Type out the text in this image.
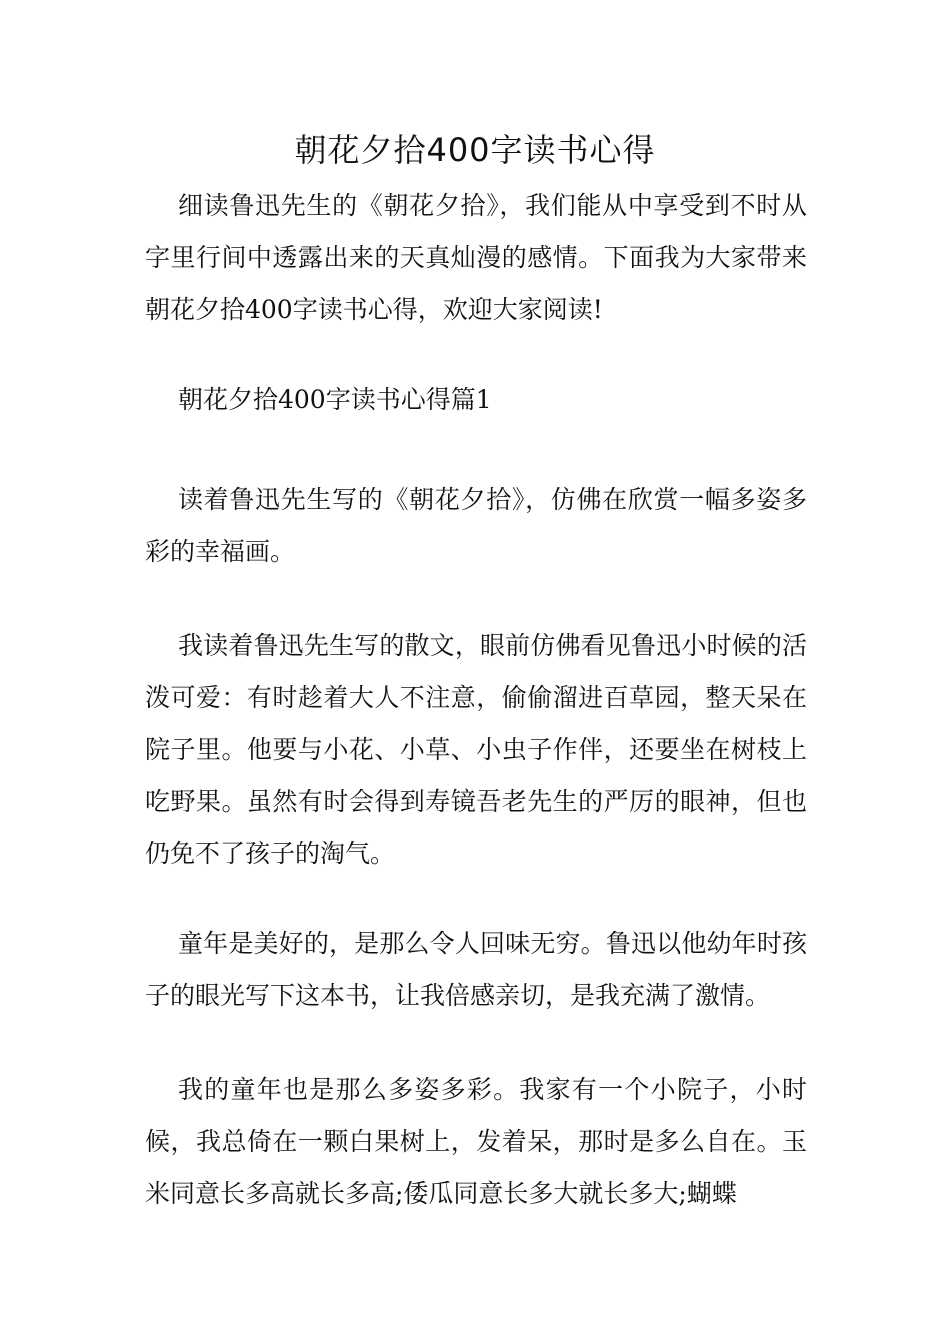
朝花夕拾400字读书心得

细读鲁迅先生的《朝花夕拾》，我们能从中享受到不时从字里行间中透露出来的天真灿漫的感情。下面我为大家带来朝花夕拾400字读书心得，欢迎大家阅读!

朝花夕拾400字读书心得篇1

读着鲁迅先生写的《朝花夕拾》，仿佛在欣赏一幅多姿多彩的幸福画。

我读着鲁迅先生写的散文，眼前仿佛看见鲁迅小时候的活泼可爱：有时趁着大人不注意，偷偷溜进百草园，整天呆在院子里。他要与小花、小草、小虫子作伴，还要坐在树枝上吃野果。虽然有时会得到寿镜吾老先生的严厉的眼神，但也仍免不了孩子的淘气。

童年是美好的，是那么令人回味无穷。鲁迅以他幼年时孩子的眼光写下这本书，让我倍感亲切，是我充满了激情。

我的童年也是那么多姿多彩。我家有一个小院子，小时候，我总倚在一颗白果树上，发着呆，那时是多么自在。玉米同意长多高就长多高;倭瓜同意长多大就长多大;蝴蝶
